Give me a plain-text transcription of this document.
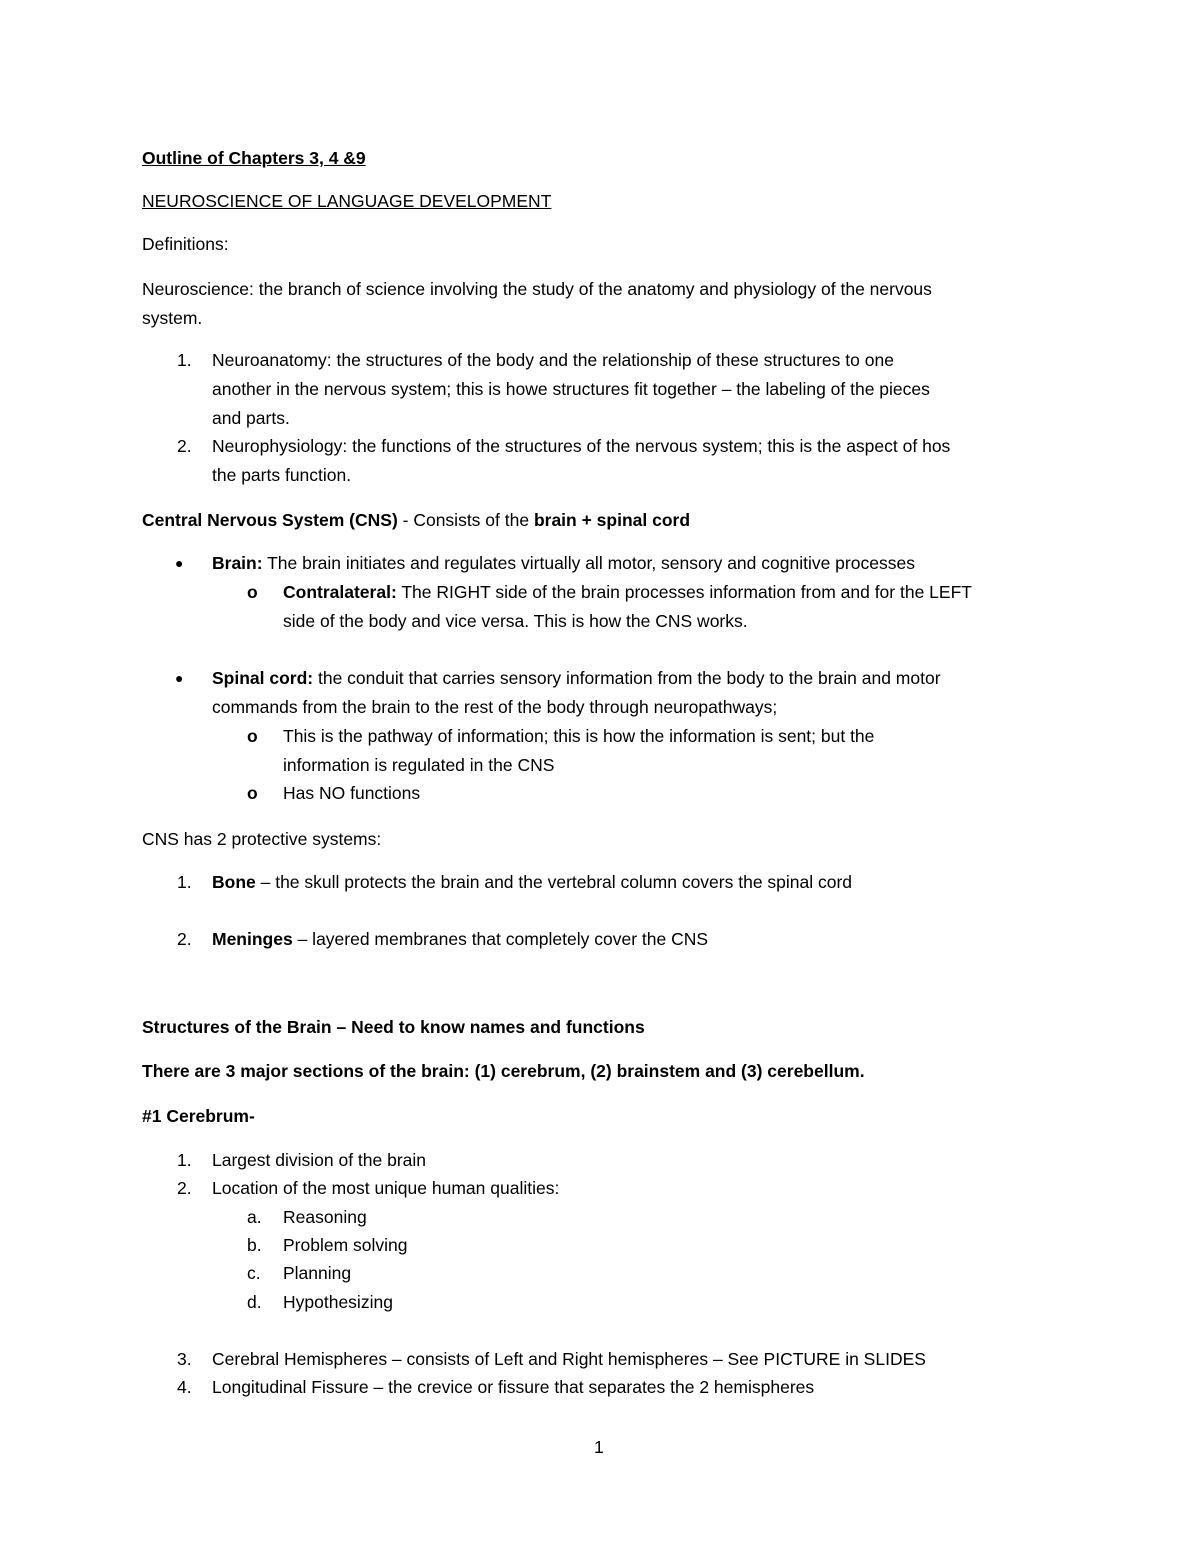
Outline of Chapters 3, 4 &9
NEUROSCIENCE OF LANGUAGE DEVELOPMENT
Definitions:
Neuroscience: the branch of science involving the study of the anatomy and physiology of the nervous
system.
1. Neuroanatomy: the structures of the body and the relationship of these structures to one
another in the nervous system; this is howe structures fit together – the labeling of the pieces
and parts.
2. Neurophysiology: the functions of the structures of the nervous system; this is the aspect of hos
the parts function.
Central Nervous System (CNS) - Consists of the brain + spinal cord
● Brain: The brain initiates and regulates virtually all motor, sensory and cognitive processes
o Contralateral: The RIGHT side of the brain processes information from and for the LEFT
side of the body and vice versa. This is how the CNS works.
● Spinal cord: the conduit that carries sensory information from the body to the brain and motor
commands from the brain to the rest of the body through neuropathways;
o This is the pathway of information; this is how the information is sent; but the
information is regulated in the CNS
o Has NO functions
CNS has 2 protective systems:
1. Bone – the skull protects the brain and the vertebral column covers the spinal cord
2. Meninges – layered membranes that completely cover the CNS
Structures of the Brain – Need to know names and functions
There are 3 major sections of the brain: (1) cerebrum, (2) brainstem and (3) cerebellum.
#1 Cerebrum-
1. Largest division of the brain
2. Location of the most unique human qualities:
a. Reasoning
b. Problem solving
c. Planning
d. Hypothesizing
3. Cerebral Hemispheres – consists of Left and Right hemispheres – See PICTURE in SLIDES
4. Longitudinal Fissure – the crevice or fissure that separates the 2 hemispheres
1
